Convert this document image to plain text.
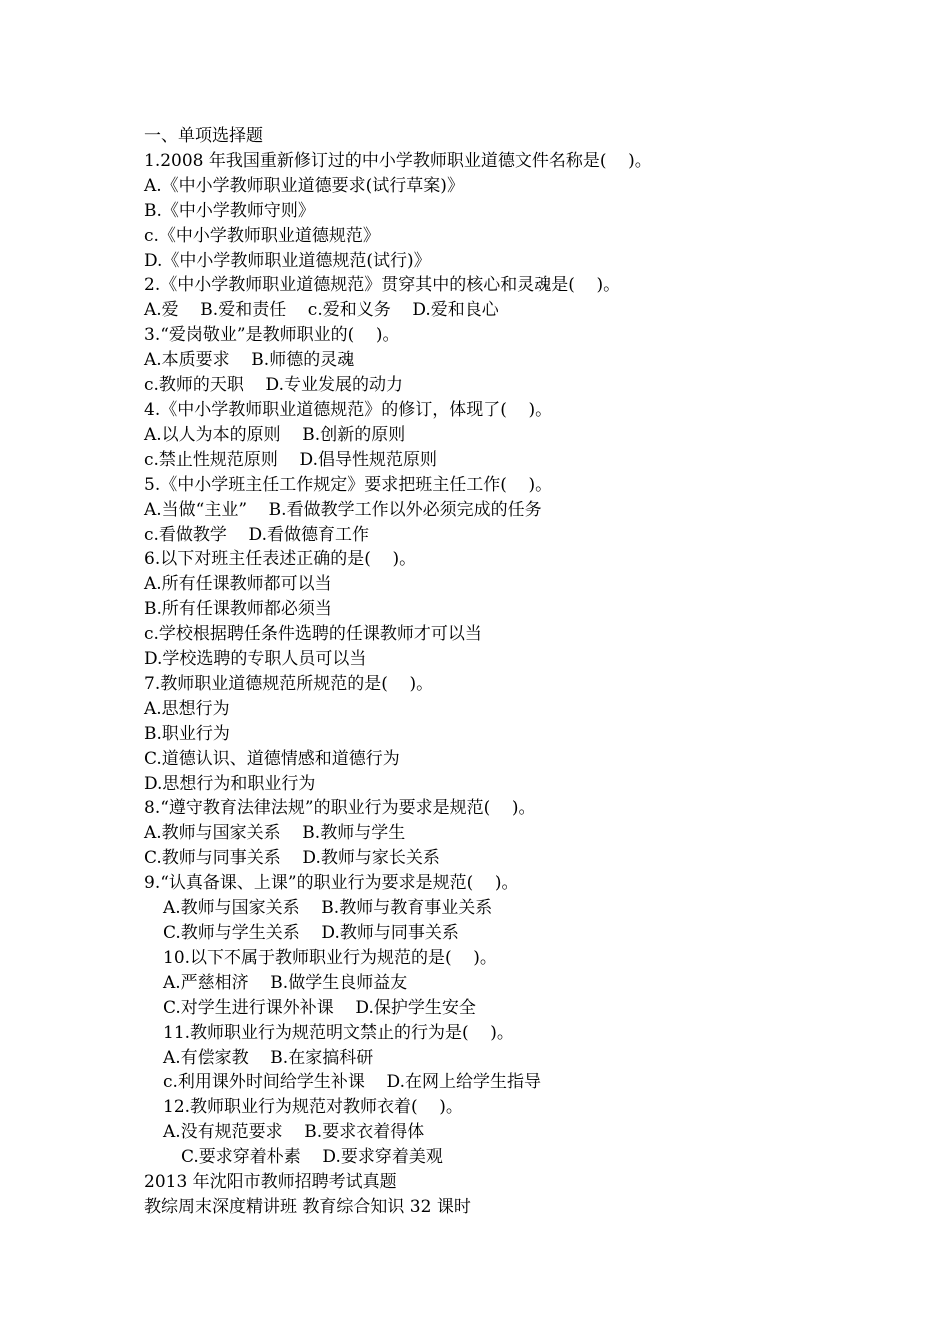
一、单项选择题
1.2008 年我国重新修订过的中小学教师职业道德文件名称是(    )。
A.《中小学教师职业道德要求(试行草案)》
B.《中小学教师守则》
c.《中小学教师职业道德规范》
D.《中小学教师职业道德规范(试行)》
2.《中小学教师职业道德规范》贯穿其中的核心和灵魂是(    )。
A.爱    B.爱和责任    c.爱和义务    D.爱和良心
3.“爱岗敬业”是教师职业的(    )。
A.本质要求    B.师德的灵魂
c.教师的天职    D.专业发展的动力
4.《中小学教师职业道德规范》的修订，体现了(    )。
A.以人为本的原则    B.创新的原则
c.禁止性规范原则    D.倡导性规范原则
5.《中小学班主任工作规定》要求把班主任工作(    )。
A.当做“主业”    B.看做教学工作以外必须完成的任务
c.看做教学    D.看做德育工作
6.以下对班主任表述正确的是(    )。
A.所有任课教师都可以当
B.所有任课教师都必须当
c.学校根据聘任条件选聘的任课教师才可以当
D.学校选聘的专职人员可以当
7.教师职业道德规范所规范的是(    )。
A.思想行为
B.职业行为
C.道德认识、道德情感和道德行为
D.思想行为和职业行为
8.“遵守教育法律法规”的职业行为要求是规范(    )。
A.教师与国家关系    B.教师与学生
C.教师与同事关系    D.教师与家长关系
9.“认真备课、上课”的职业行为要求是规范(    )。
A.教师与国家关系    B.教师与教育事业关系
C.教师与学生关系    D.教师与同事关系
10.以下不属于教师职业行为规范的是(    )。
A.严慈相济    B.做学生良师益友
C.对学生进行课外补课    D.保护学生安全
11.教师职业行为规范明文禁止的行为是(    )。
A.有偿家教    B.在家搞科研
c.利用课外时间给学生补课    D.在网上给学生指导
12.教师职业行为规范对教师衣着(    )。
A.没有规范要求    B.要求衣着得体
C.要求穿着朴素    D.要求穿着美观
2013 年沈阳市教师招聘考试真题
教综周末深度精讲班 教育综合知识 32 课时
